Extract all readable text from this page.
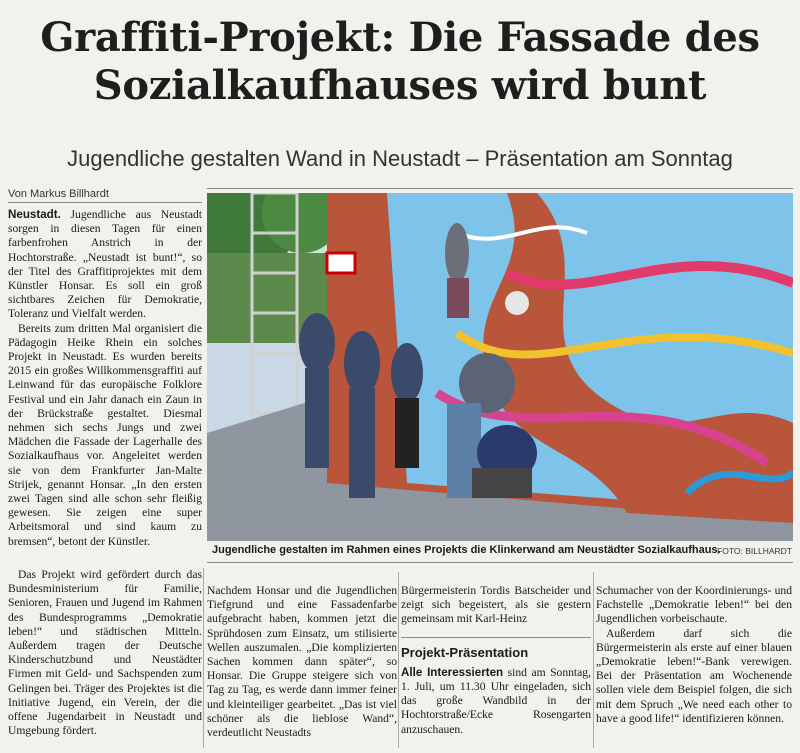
Graffiti-Projekt: Die Fassade des Sozialkaufhauses wird bunt
Jugendliche gestalten Wand in Neustadt – Präsentation am Sonntag
Von Markus Billhardt

Neustadt. Jugendliche aus Neustadt sorgen in diesen Tagen für einen farbenfrohen Anstrich in der Hochtorstraße. „Neustadt ist bunt!“, so der Titel des Graffitiprojektes mit dem Künstler Honsar. Es soll ein groß sichtbares Zeichen für Demokratie, Toleranz und Vielfalt werden.

Bereits zum dritten Mal organisiert die Pädagogin Heike Rhein ein solches Projekt in Neustadt. Es wurden bereits 2015 ein großes Willkommensgraffiti auf Leinwand für das europäische Folklore Festival und ein Jahr danach ein Zaun in der Brückstraße gestaltet. Diesmal nehmen sich sechs Jungs und zwei Mädchen die Fassade der Lagerhalle des Sozialkaufhaus vor. Angeleitet werden sie von dem Frankfurter Jan-Malte Strijek, genannt Honsar. „In den ersten zwei Tagen sind alle schon sehr fleißig gewesen. Sie zeigen eine super Arbeitsmoral und sind kaum zu bremsen“, betont der Künstler.

Das Projekt wird gefördert durch das Bundesministerium für Familie, Senioren, Frauen und Jugend im Rahmen des Bundesprogramms „Demokratie leben!“ und städtischen Mitteln. Außerdem tragen der Deutsche Kinderschutzbund und Neustädter Firmen mit Geld- und Sachspenden zum Gelingen bei. Träger des Projektes ist die Initiative Jugend, ein Verein, der die offene Jugendarbeit in Neustadt und Umgebung fördert.

Jugendliche gestalten im Rahmen eines Projekts die Klinkerwand am Neustädter Sozialkaufhaus.
FOTO: BILLHARDT

Nachdem Honsar und die Jugendlichen Tiefgrund und eine Fassadenfarbe aufgebracht haben, kommen jetzt die Sprühdosen zum Einsatz, um stilisierte Wellen auszumalen. „Die komplizierten Sachen kommen dann später“, so Honsar. Die Gruppe steigere sich von Tag zu Tag, es werde dann immer feiner und kleinteiliger gearbeitet. „Das ist viel schöner als die lieblose Wand“, verdeutlicht Neustadts

Bürgermeisterin Tordis Batscheider und zeigt sich begeistert, als sie gestern gemeinsam mit Karl-Heinz

Projekt-Präsentation

Alle Interessierten sind am Sonntag, 1. Juli, um 11.30 Uhr eingeladen, sich das große Wandbild in der Hochtorstraße/Ecke Rosengarten anzuschauen.

Schumacher von der Koordinierungs- und Fachstelle „Demokratie leben!“ bei den Jugendlichen vorbeischaute.

Außerdem darf sich die Bürgermeisterin als erste auf einer blauen „Demokratie leben!“-Bank verewigen. Bei der Präsentation am Wochenende sollen viele dem Beispiel folgen, die sich mit dem Spruch „We need each other to have a good life!“ identifizieren können.
